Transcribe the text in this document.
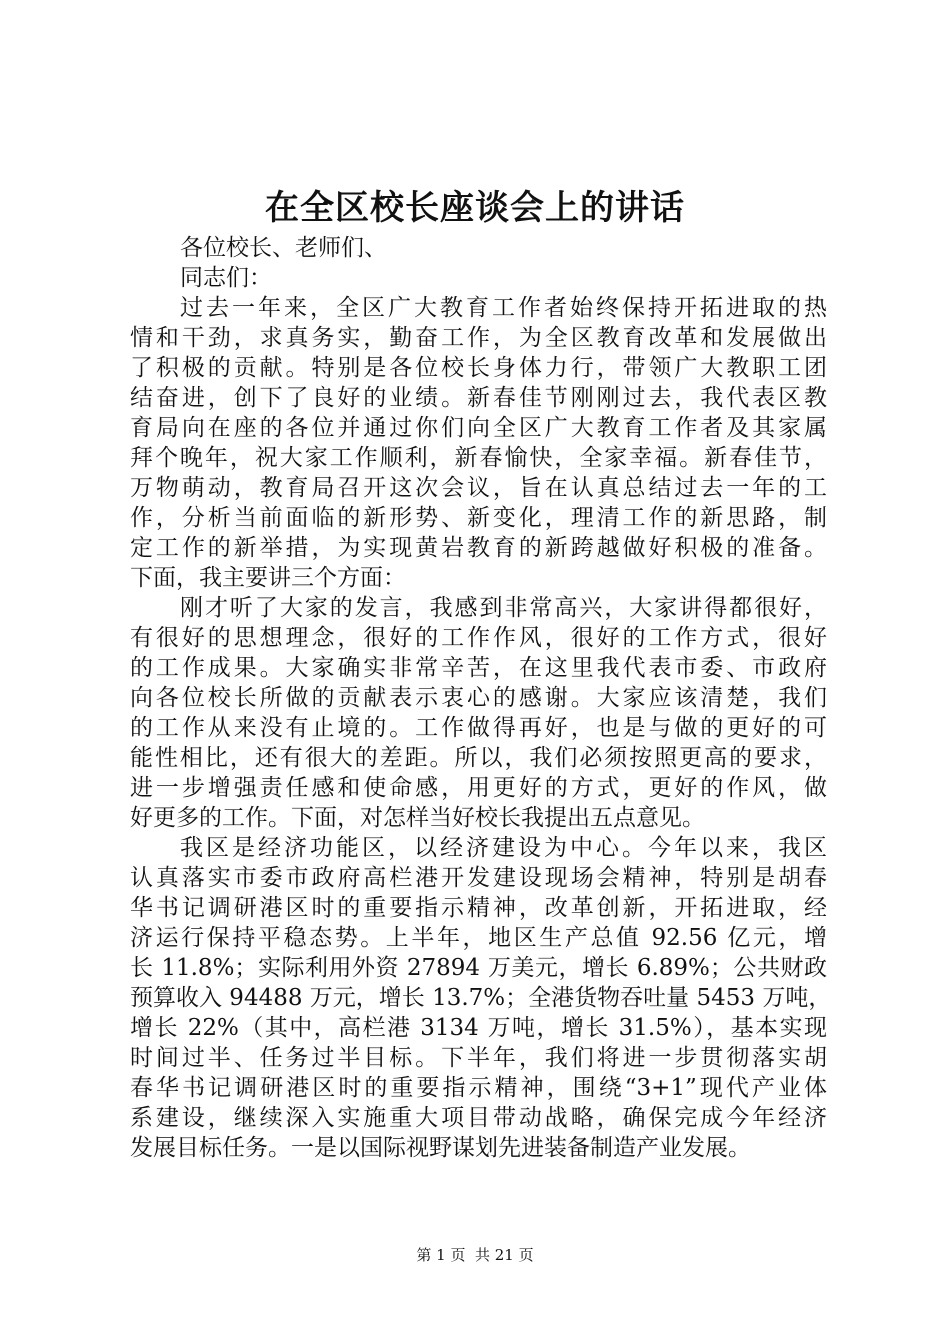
在全区校长座谈会上的讲话
各位校长、老师们、
同志们：
过去一年来，全区广大教育工作者始终保持开拓进取的热
情和干劲，求真务实，勤奋工作，为全区教育改革和发展做出
了积极的贡献。特别是各位校长身体力行，带领广大教职工团
结奋进，创下了良好的业绩。新春佳节刚刚过去，我代表区教
育局向在座的各位并通过你们向全区广大教育工作者及其家属
拜个晚年，祝大家工作顺利，新春愉快，全家幸福。新春佳节，
万物萌动，教育局召开这次会议，旨在认真总结过去一年的工
作，分析当前面临的新形势、新变化，理清工作的新思路，制
定工作的新举措，为实现黄岩教育的新跨越做好积极的准备。
下面，我主要讲三个方面：
刚才听了大家的发言，我感到非常高兴，大家讲得都很好，
有很好的思想理念，很好的工作作风，很好的工作方式，很好
的工作成果。大家确实非常辛苦，在这里我代表市委、市政府
向各位校长所做的贡献表示衷心的感谢。大家应该清楚，我们
的工作从来没有止境的。工作做得再好，也是与做的更好的可
能性相比，还有很大的差距。所以，我们必须按照更高的要求，
进一步增强责任感和使命感，用更好的方式，更好的作风，做
好更多的工作。下面，对怎样当好校长我提出五点意见。
我区是经济功能区，以经济建设为中心。今年以来，我区
认真落实市委市政府高栏港开发建设现场会精神，特别是胡春
华书记调研港区时的重要指示精神，改革创新，开拓进取，经
济运行保持平稳态势。上半年，地区生产总值 92.56 亿元，增
长 11.8%；实际利用外资 27894 万美元，增长 6.89%；公共财政
预算收入 94488 万元，增长 13.7%；全港货物吞吐量 5453 万吨，
增长 22%（其中，高栏港 3134 万吨，增长 31.5%），基本实现
时间过半、任务过半目标。下半年，我们将进一步贯彻落实胡
春华书记调研港区时的重要指示精神，围绕“3+1”现代产业体
系建设，继续深入实施重大项目带动战略，确保完成今年经济
发展目标任务。一是以国际视野谋划先进装备制造产业发展。
第 1 页 共 21 页
